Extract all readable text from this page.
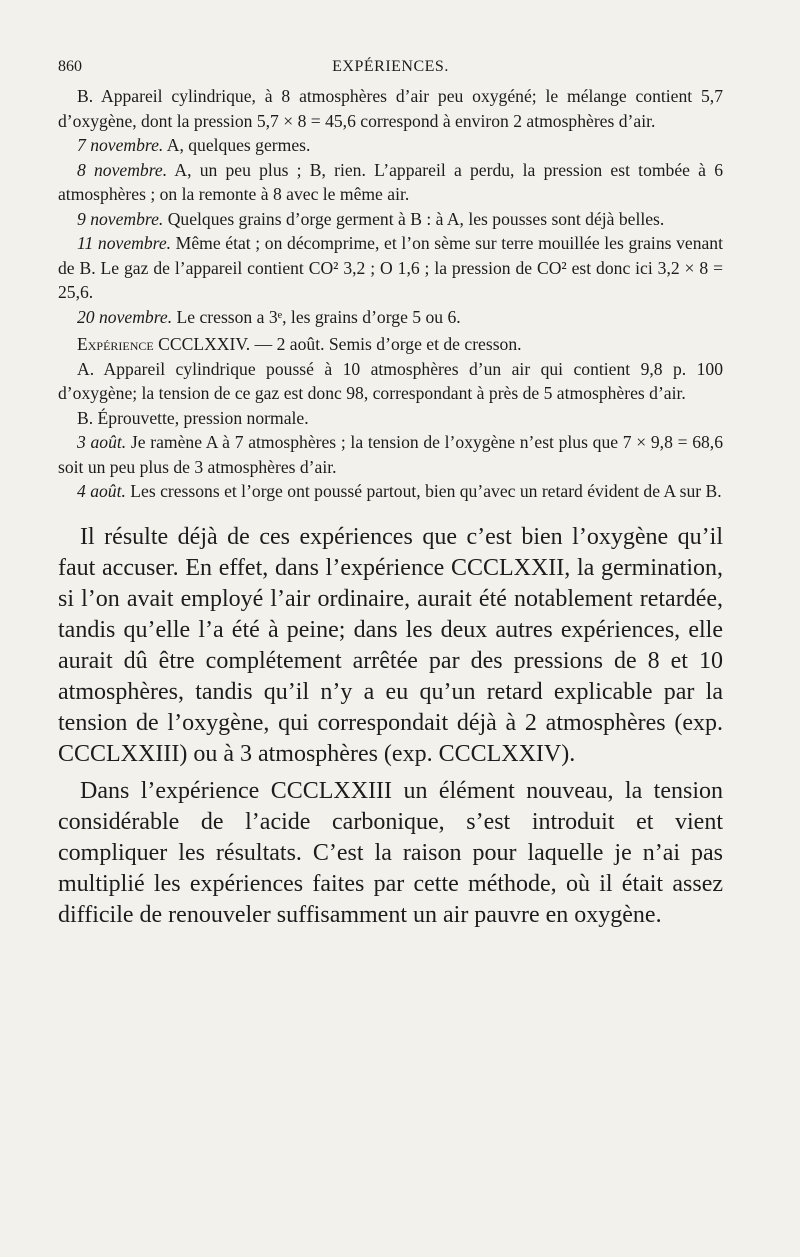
860	EXPÉRIENCES.

B. Appareil cylindrique, à 8 atmosphères d’air peu oxygéné; le mélange contient 5,7 d’oxygène, dont la pression 5,7 × 8 = 45,6 correspond à environ 2 atmosphères d’air.

7 novembre. A, quelques germes.

8 novembre. A, un peu plus ; B, rien. L’appareil a perdu, la pression est tombée à 6 atmosphères ; on la remonte à 8 avec le même air.

9 novembre. Quelques grains d’orge germent à B : à A, les pousses sont déjà belles.

11 novembre. Même état ; on décomprime, et l’on sème sur terre mouillée les grains venant de B. Le gaz de l’appareil contient CO² 3,2 ; O 1,6 ; la pression de CO² est donc ici 3,2 × 8 = 25,6.

20 novembre. Le cresson a 3ᵉ, les grains d’orge 5 ou 6.

Expérience CCCLXXIV. — 2 août. Semis d’orge et de cresson.

A. Appareil cylindrique poussé à 10 atmosphères d’un air qui contient 9,8 p. 100 d’oxygène; la tension de ce gaz est donc 98, correspondant à près de 5 atmosphères d’air.

B. Éprouvette, pression normale.

3 août. Je ramène A à 7 atmosphères ; la tension de l’oxygène n’est plus que 7 × 9,8 = 68,6 soit un peu plus de 3 atmosphères d’air.

4 août. Les cressons et l’orge ont poussé partout, bien qu’avec un retard évident de A sur B.

Il résulte déjà de ces expériences que c’est bien l’oxygène qu’il faut accuser. En effet, dans l’expérience CCCLXXII, la germination, si l’on avait employé l’air ordinaire, aurait été notablement retardée, tandis qu’elle l’a été à peine; dans les deux autres expériences, elle aurait dû être complétement arrêtée par des pressions de 8 et 10 atmosphères, tandis qu’il n’y a eu qu’un retard explicable par la tension de l’oxygène, qui correspondait déjà à 2 atmosphères (exp. CCCLXXIII) ou à 3 atmosphères (exp. CCCLXXIV).

Dans l’expérience CCCLXXIII un élément nouveau, la tension considérable de l’acide carbonique, s’est introduit et vient compliquer les résultats. C’est la raison pour laquelle je n’ai pas multiplié les expériences faites par cette méthode, où il était assez difficile de renouveler suffisamment un air pauvre en oxygène.
